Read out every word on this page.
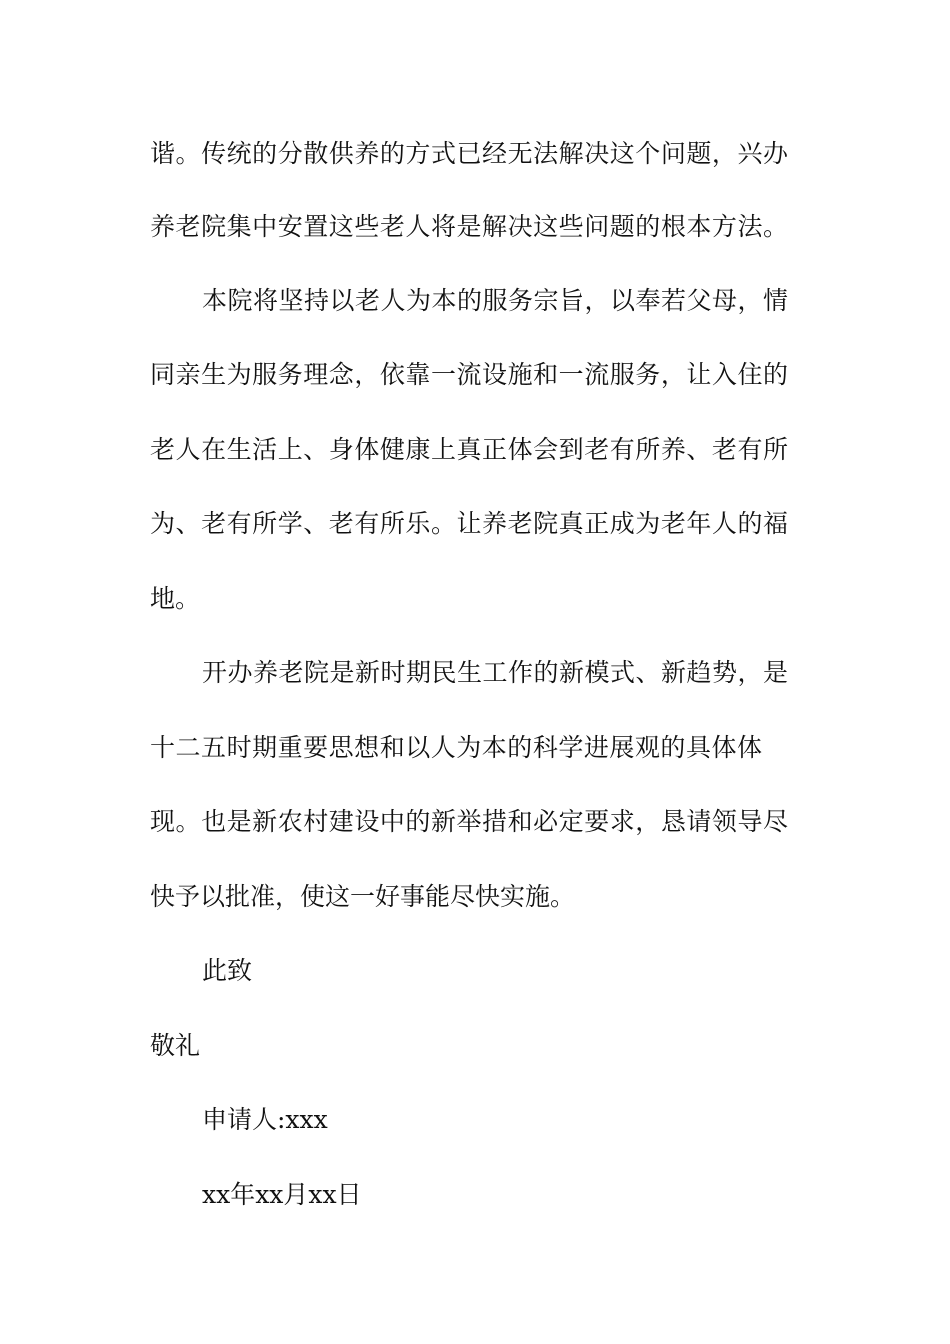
谐。传统的分散供养的方式已经无法解决这个问题，兴办
养老院集中安置这些老人将是解决这些问题的根本方法。
本院将坚持以老人为本的服务宗旨，以奉若父母，情
同亲生为服务理念，依靠一流设施和一流服务，让入住的
老人在生活上、身体健康上真正体会到老有所养、老有所
为、老有所学、老有所乐。让养老院真正成为老年人的福
地。
开办养老院是新时期民生工作的新模式、新趋势，是
十二五时期重要思想和以人为本的科学进展观的具体体
现。也是新农村建设中的新举措和必定要求，恳请领导尽
快予以批准，使这一好事能尽快实施。
此致
敬礼
申请人:xxx
xx年xx月xx日
